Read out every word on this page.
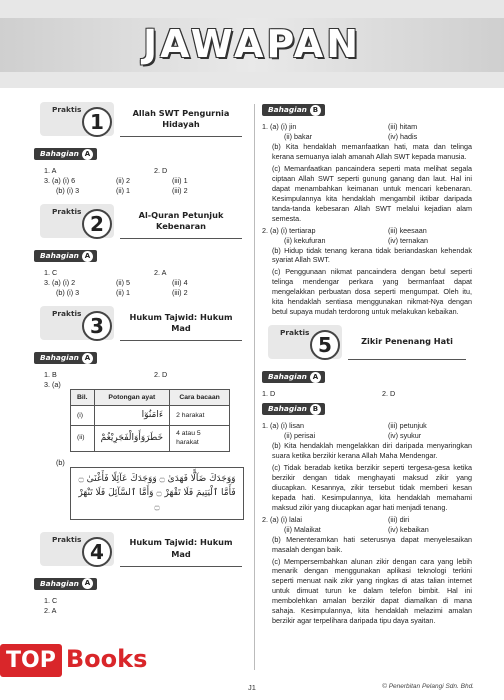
JAWAPAN
Praktis
1	Allah SWT Pengurnia Hidayah
Bahagian A
1. A	2. D
3. (a) (i) 6	(ii) 2	(iii) 1
(b) (i) 3	(ii) 1	(iii) 2
Praktis
2	Al-Quran Petunjuk Kebenaran
Bahagian A
1. C	2. A
3. (a) (i) 2	(ii) 5	(iii) 4
(b) (i) 3	(ii) 1	(iii) 2
Praktis
3	Hukum Tajwid: Hukum Mad
Bahagian A
1. B	2. D
3. (a)
Bil.	Potongan ayat	Cara bacaan
(i)	ءَامَنُوٓا	2 harakat
(ii)	خَطَرَوَأَوَالْفَجَرِيْغُمْ	4 atau 5 harakat
(b)
وَوَجَدَكَ ضَآلًّا فَهَدَىٰ ۝ وَوَجَدَكَ عَآئِلًا فَأَغْنَىٰ ۝
فَأَمَّا ٱلْيَتِيمَ فَلَا تَقْهَرْ ۝ وَأَمَّا ٱلسَّآئِلَ فَلَا تَنْهَرْ ۝
Praktis
4	Hukum Tajwid: Hukum Mad
Bahagian A
1. C
2. A
Bahagian B
1. (a) (i) jin	(iii) hitam
(ii) bakar	(iv) hadis
(b) Kita hendaklah memanfaatkan hati, mata dan telinga kerana semuanya ialah amanah Allah SWT kepada manusia.
(c) Memanfaatkan pancaindera seperti mata melihat segala ciptaan Allah SWT seperti gunung ganang dan laut. Hal ini dapat menambahkan keimanan untuk mencari kebenaran. Kesimpulannya kita hendaklah mengambil iktibar daripada tanda-tanda kebesaran Allah SWT melalui kejadian alam semesta.
2. (a) (i) tertiarap	(iii) keesaan
(ii) kekufuran	(iv) ternakan
(b) Hidup tidak tenang kerana tidak beriandaskan kehendak syariat Allah SWT.
(c) Penggunaan nikmat pancaindera dengan betul seperti telinga mendengar perkara yang bermanfaat dapat mengelakkan perbuatan dosa seperti mengumpat. Oleh itu, kita hendaklah sentiasa menggunakan nikmat-Nya dengan betul supaya mudah terdorong untuk melakukan kebaikan.
Praktis
5	Zikir Penenang Hati
Bahagian A
1. D	2. D
Bahagian B
1. (a) (i) lisan	(iii) petunjuk
(ii) perisai	(iv) syukur
(b) Kita hendaklah mengelakkan diri daripada menyaringkan suara ketika berzikir kerana Allah Maha Mendengar.
(c) Tidak beradab ketika berzikir seperti tergesa-gesa ketika berzikir dengan tidak menghayati maksud zikir yang diucapkan. Kesannya, zikir tersebut tidak memberi kesan kepada hati. Kesimpulannya, kita hendaklah memahami maksud zikir yang diucapkan agar hati menjadi tenang.
2. (a) (i) lalai	(iii) diri
(ii) Malaikat	(iv) kebaikan
(b) Menenteramkan hati seterusnya dapat menyelesaikan masalah dengan baik.
(c) Mempersembahkan alunan zikir dengan cara yang lebih menarik dengan menggunakan aplikasi teknologi terkini seperti menuat naik zikir yang ringkas di atas talian internet untuk dimuat turun ke dalam telefon bimbit. Hal ini membolehkan amalan berzikir dapat diamalkan di mana sahaja. Kesimpulannya, kita hendaklah melazimi amalan berzikir agar terpelihara daripada tipu daya syaitan.
J1	© Penerbitan Pelangi Sdn. Bhd.
TOP Books
